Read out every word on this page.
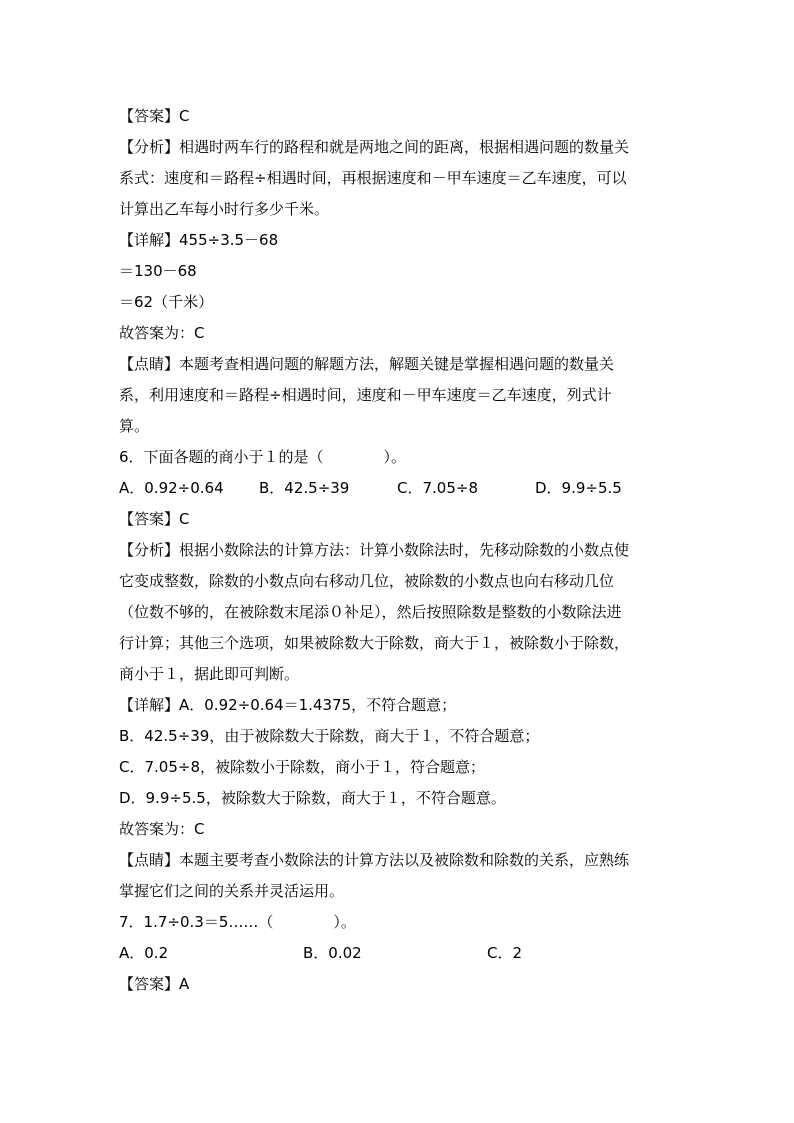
【答案】C
【分析】相遇时两车行的路程和就是两地之间的距离，根据相遇问题的数量关
系式：速度和＝路程÷相遇时间，再根据速度和－甲车速度＝乙车速度，可以
计算出乙车每小时行多少千米。
【详解】455÷3.5－68
＝130－68
＝62（千米）
故答案为：C
【点睛】本题考查相遇问题的解题方法，解题关键是掌握相遇问题的数量关
系，利用速度和＝路程÷相遇时间，速度和－甲车速度＝乙车速度，列式计
算。
6．下面各题的商小于１的是（　　　　）。
A．0.92÷0.64	B．42.5÷39	C．7.05÷8	D．9.9÷5.5
【答案】C
【分析】根据小数除法的计算方法：计算小数除法时，先移动除数的小数点使
它变成整数，除数的小数点向右移动几位，被除数的小数点也向右移动几位
（位数不够的，在被除数末尾添０补足），然后按照除数是整数的小数除法进
行计算；其他三个选项，如果被除数大于除数，商大于１，被除数小于除数，
商小于１，据此即可判断。
【详解】A．0.92÷0.64＝1.4375，不符合题意；
B．42.5÷39，由于被除数大于除数，商大于１，不符合题意；
C．7.05÷8，被除数小于除数，商小于１，符合题意；
D．9.9÷5.5，被除数大于除数，商大于１，不符合题意。
故答案为：C
【点睛】本题主要考查小数除法的计算方法以及被除数和除数的关系，应熟练
掌握它们之间的关系并灵活运用。
7．1.7÷0.3＝5……（　　　　）。
A．0.2	B．0.02	C．2
【答案】A
